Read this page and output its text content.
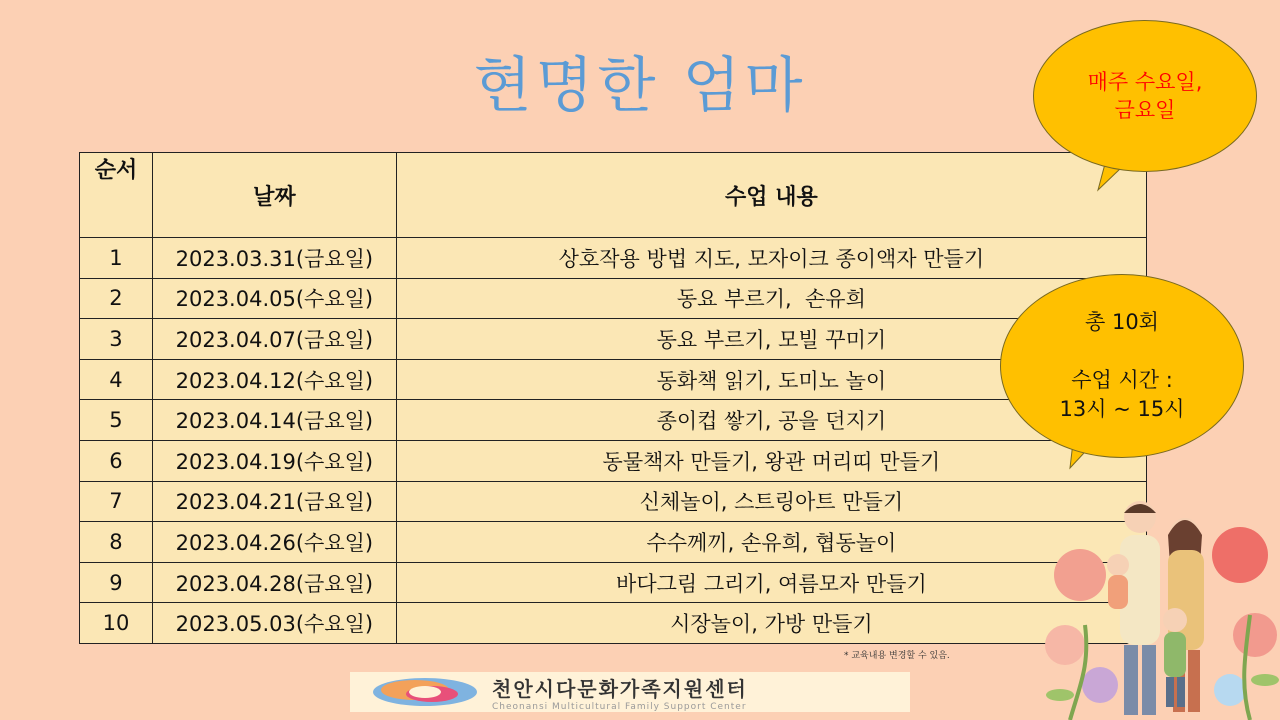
현명한 엄마
순서	날짜	수업 내용
1	2023.03.31(금요일)	상호작용 방법 지도, 모자이크 종이액자 만들기
2	2023.04.05(수요일)	동요 부르기,  손유희
3	2023.04.07(금요일)	동요 부르기, 모빌 꾸미기
4	2023.04.12(수요일)	동화책 읽기, 도미노 놀이
5	2023.04.14(금요일)	종이컵 쌓기, 공을 던지기
6	2023.04.19(수요일)	동물책자 만들기, 왕관 머리띠 만들기
7	2023.04.21(금요일)	신체놀이, 스트링아트 만들기
8	2023.04.26(수요일)	수수께끼, 손유희, 협동놀이
9	2023.04.28(금요일)	바다그림 그리기, 여름모자 만들기
10	2023.05.03(수요일)	시장놀이, 가방 만들기
매주 수요일,
금요일
총 10회
수업 시간 :
13시 ~ 15시
* 교육내용 변경할 수 있음.
천안시다문화가족지원센터
Cheonansi Multicultural Family Support Center
